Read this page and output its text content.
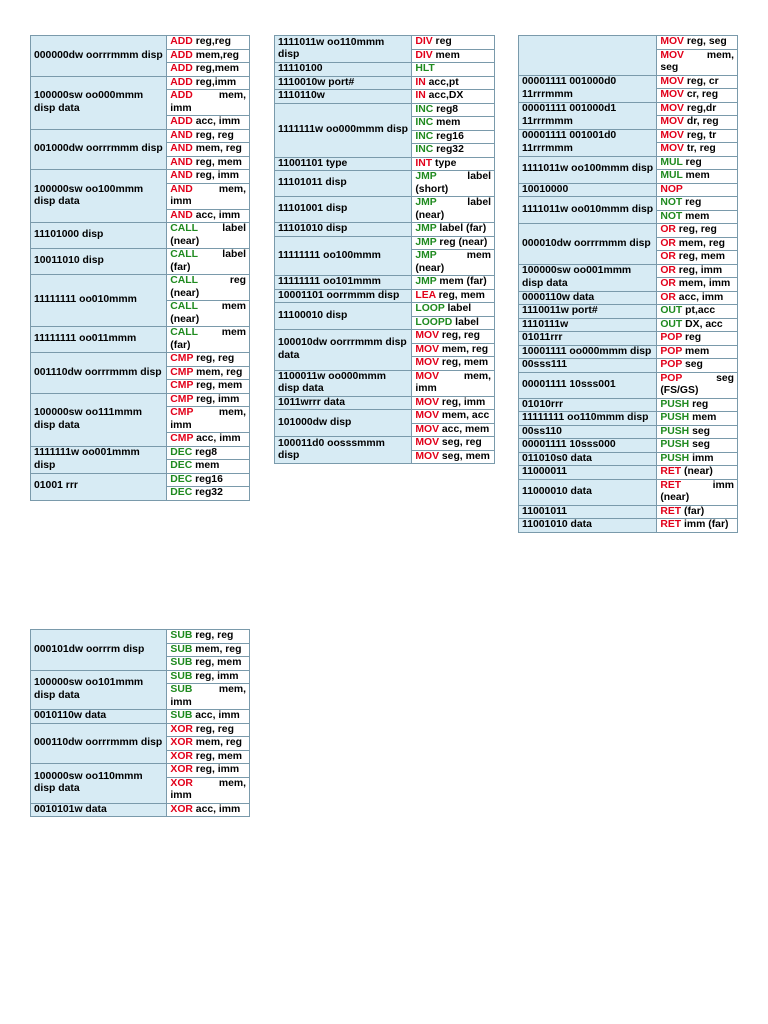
000000dw oorrrmmm disp	ADD reg,reg
	ADD mem,reg
	ADD reg,mem
100000sw oo000mmm disp data	ADD reg,imm
	ADD mem, imm
	ADD acc, imm
001000dw oorrrmmm disp	AND reg, reg
	AND mem, reg
	AND reg, mem
100000sw oo100mmm disp data	AND reg, imm
	AND mem, imm
	AND acc, imm
11101000 disp	CALL label (near)
10011010 disp	CALL label (far)
11111111 oo010mmm	CALL reg (near)
	CALL mem (near)
11111111 oo011mmm	CALL mem (far)
001110dw oorrrmmm disp	CMP reg, reg
	CMP mem, reg
	CMP reg, mem
100000sw oo111mmm disp data	CMP reg, imm
	CMP mem, imm
	CMP acc, imm
1111111w oo001mmm disp	DEC reg8
	DEC mem
01001 rrr	DEC reg16
	DEC reg32
1111011w oo110mmm disp	DIV reg
	DIV mem
11110100	HLT
1110010w port#	IN acc,pt
1110110w	IN acc,DX
1111111w oo000mmm disp	INC reg8
	INC mem
	INC reg16
	INC reg32
11001101 type	INT type
11101011 disp	JMP label (short)
11101001 disp	JMP label (near)
11101010 disp	JMP label (far)
11111111 oo100mmm	JMP reg (near)
	JMP mem (near)
11111111 oo101mmm	JMP mem (far)
10001101 oorrmmm disp	LEA reg, mem
11100010 disp	LOOP label
	LOOPD label
100010dw oorrrmmm disp data	MOV reg, reg
	MOV mem, reg
	MOV reg, mem
1100011w oo000mmm disp data	MOV mem, imm
1011wrrr data	MOV reg, imm
101000dw disp	MOV mem, acc
	MOV acc, mem
100011d0 oosssmmm disp	MOV seg, reg
	MOV seg, mem
	MOV reg, seg
	MOV mem, seg
00001111 001000d0 11rrrmmm	MOV reg, cr
	MOV cr, reg
00001111 001000d1 11rrrmmm	MOV reg,dr
	MOV dr, reg
00001111 001001d0 11rrrmmm	MOV reg, tr
	MOV tr, reg
1111011w oo100mmm disp	MUL reg
	MUL mem
10010000	NOP
1111011w oo010mmm disp	NOT reg
	NOT mem
000010dw oorrrmmm disp	OR reg, reg
	OR mem, reg
	OR reg, mem
100000sw oo001mmm disp data	OR reg, imm
	OR mem, imm
0000110w data	OR acc, imm
1110011w port#	OUT pt,acc
1110111w	OUT DX, acc
01011rrr	POP reg
10001111 oo000mmm disp	POP mem
00sss111	POP seg
00001111 10sss001	POP seg (FS/GS)
01010rrr	PUSH reg
11111111 oo110mmm disp	PUSH mem
00ss110	PUSH seg
00001111 10sss000	PUSH seg
011010s0 data	PUSH imm
11000011	RET (near)
11000010 data	RET imm (near)
11001011	RET (far)
11001010 data	RET imm (far)
000101dw oorrrm disp	SUB reg, reg
	SUB mem, reg
	SUB reg, mem
100000sw oo101mmm disp data	SUB reg, imm
	SUB mem, imm
0010110w data	SUB acc, imm
000110dw oorrrmmm disp	XOR reg, reg
	XOR mem, reg
	XOR reg, mem
100000sw oo110mmm disp data	XOR reg, imm
	XOR mem, imm
0010101w data	XOR acc, imm
